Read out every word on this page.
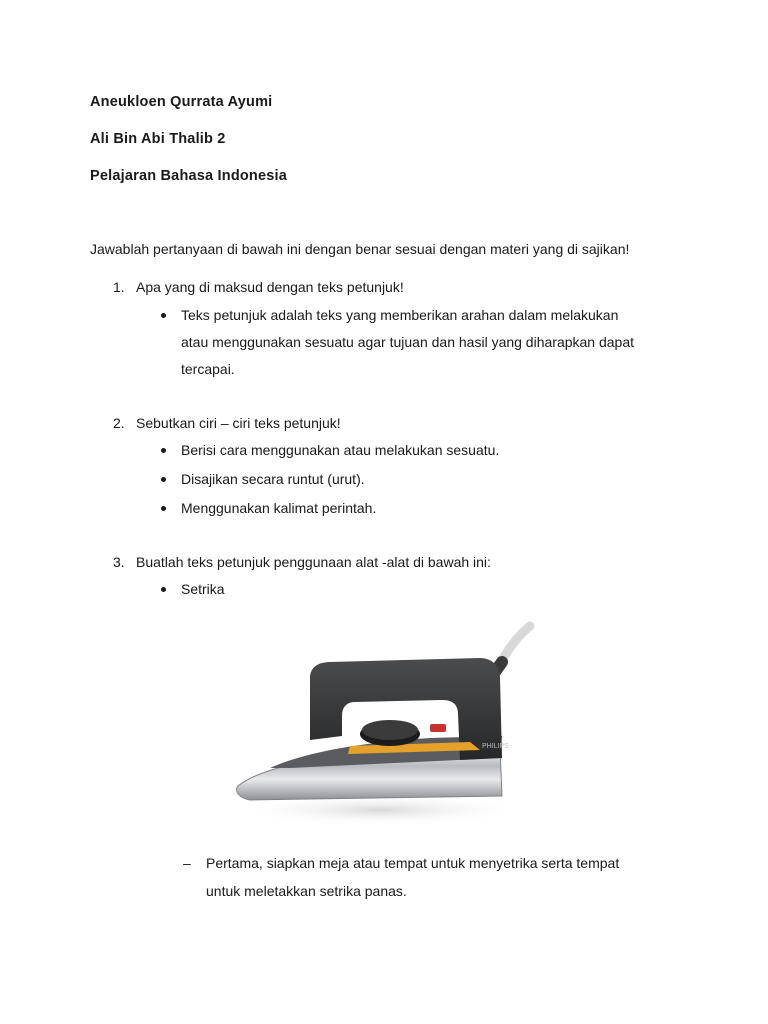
Aneukloen Qurrata Ayumi
Ali Bin Abi Thalib 2
Pelajaran Bahasa Indonesia
Jawablah pertanyaan di bawah ini dengan benar sesuai dengan materi yang di sajikan!
1. Apa yang di maksud dengan teks petunjuk!
Teks petunjuk adalah teks yang memberikan arahan dalam melakukan
atau menggunakan sesuatu agar tujuan dan hasil yang diharapkan dapat
tercapai.
2. Sebutkan ciri – ciri teks petunjuk!
Berisi cara menggunakan atau melakukan sesuatu.
Disajikan secara runtut (urut).
Menggunakan kalimat perintah.
3. Buatlah teks petunjuk penggunaan alat -alat di bawah ini:
Setrika
PHILIPS
– Pertama, siapkan meja atau tempat untuk menyetrika serta tempat
untuk meletakkan setrika panas.
